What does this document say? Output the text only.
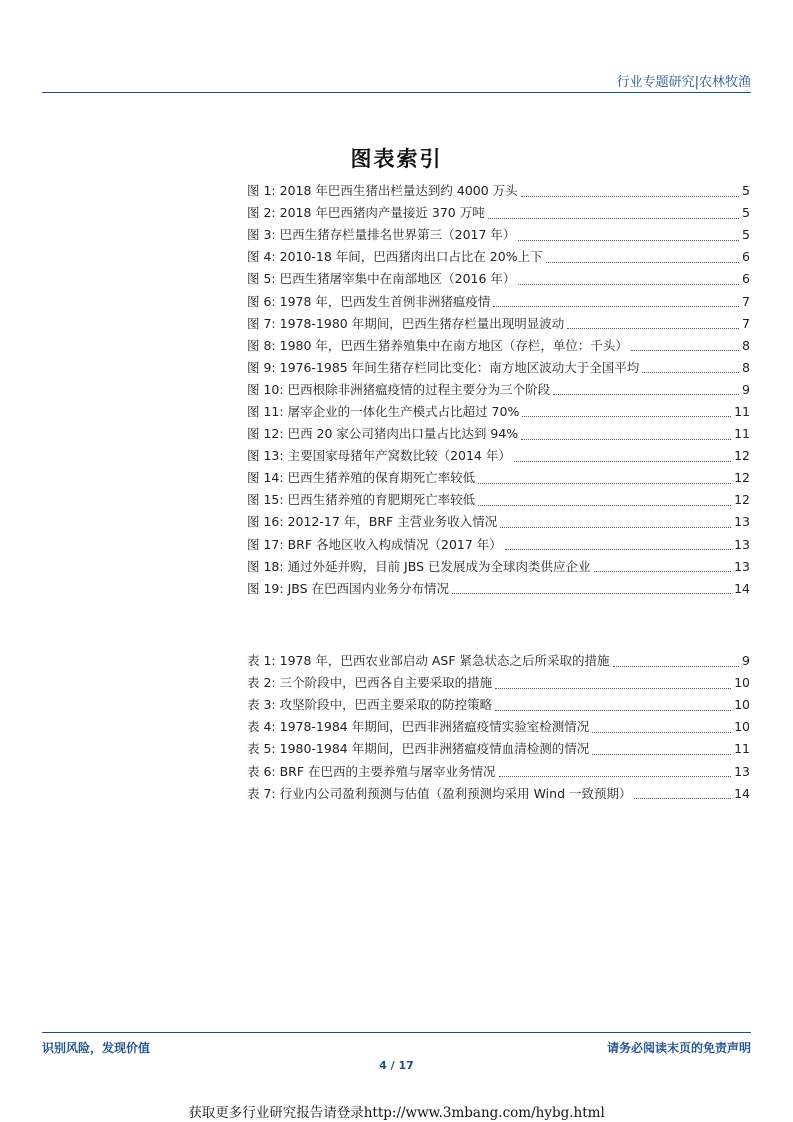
行业专题研究|农林牧渔
图表索引
图 1: 2018 年巴西生猪出栏量达到约 4000 万头	5
图 2: 2018 年巴西猪肉产量接近 370 万吨	5
图 3: 巴西生猪存栏量排名世界第三（2017 年）	5
图 4: 2010-18 年间，巴西猪肉出口占比在 20%上下	6
图 5: 巴西生猪屠宰集中在南部地区（2016 年）	6
图 6: 1978 年，巴西发生首例非洲猪瘟疫情	7
图 7: 1978-1980 年期间，巴西生猪存栏量出现明显波动	7
图 8: 1980 年，巴西生猪养殖集中在南方地区（存栏，单位：千头）	8
图 9: 1976-1985 年间生猪存栏同比变化：南方地区波动大于全国平均	8
图 10: 巴西根除非洲猪瘟疫情的过程主要分为三个阶段	9
图 11: 屠宰企业的一体化生产模式占比超过 70%	11
图 12: 巴西 20 家公司猪肉出口量占比达到 94%	11
图 13: 主要国家母猪年产窝数比较（2014 年）	12
图 14: 巴西生猪养殖的保育期死亡率较低	12
图 15: 巴西生猪养殖的育肥期死亡率较低	12
图 16: 2012-17 年，BRF 主营业务收入情况	13
图 17: BRF 各地区收入构成情况（2017 年）	13
图 18: 通过外延并购，目前 JBS 已发展成为全球肉类供应企业	13
图 19: JBS 在巴西国内业务分布情况	14
表 1: 1978 年，巴西农业部启动 ASF 紧急状态之后所采取的措施	9
表 2: 三个阶段中，巴西各自主要采取的措施	10
表 3: 攻坚阶段中，巴西主要采取的防控策略	10
表 4: 1978-1984 年期间，巴西非洲猪瘟疫情实验室检测情况	10
表 5: 1980-1984 年期间，巴西非洲猪瘟疫情血清检测的情况	11
表 6: BRF 在巴西的主要养殖与屠宰业务情况	13
表 7: 行业内公司盈利预测与估值（盈利预测均采用 Wind 一致预期）	14
识别风险，发现价值	请务必阅读末页的免责声明
4 / 17
获取更多行业研究报告请登录http://www.3mbang.com/hybg.html
